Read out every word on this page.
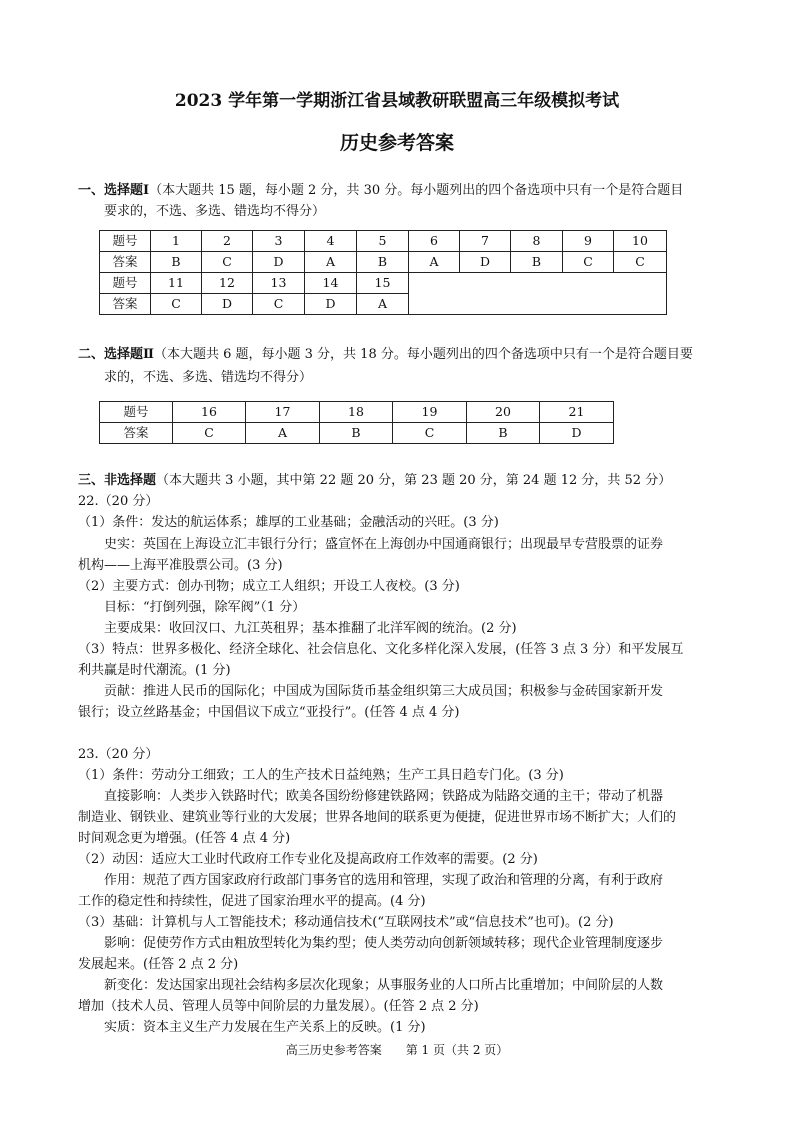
2023 学年第一学期浙江省县域教研联盟高三年级模拟考试
历史参考答案
一、选择题Ⅰ（本大题共 15 题，每小题 2 分，共 30 分。每小题列出的四个备选项中只有一个是符合题目
要求的，不选、多选、错选均不得分）
题号	1	2	3	4	5	6	7	8	9	10
答案	B	C	D	A	B	A	D	B	C	C
题号	11	12	13	14	15					
答案	C	D	C	D	A					
二、选择题Ⅱ（本大题共 6 题，每小题 3 分，共 18 分。每小题列出的四个备选项中只有一个是符合题目要
求的，不选、多选、错选均不得分）
题号	16	17	18	19	20	21
答案	C	A	B	C	B	D
三、非选择题（本大题共 3 小题，其中第 22 题 20 分，第 23 题 20 分，第 24 题 12 分，共 52 分）
22.（20 分）
（1）条件：发达的航运体系；雄厚的工业基础；金融活动的兴旺。(3 分)
史实：英国在上海设立汇丰银行分行；盛宣怀在上海创办中国通商银行；出现最早专营股票的证券
机构——上海平准股票公司。(3 分)
（2）主要方式：创办刊物；成立工人组织；开设工人夜校。(3 分)
目标：“打倒列强，除军阀”（1 分）
主要成果：收回汉口、九江英租界；基本推翻了北洋军阀的统治。(2 分)
（3）特点：世界多极化、经济全球化、社会信息化、文化多样化深入发展，(任答 3 点 3 分）和平发展互
利共赢是时代潮流。(1 分)
贡献：推进人民币的国际化；中国成为国际货币基金组织第三大成员国；积极参与金砖国家新开发
银行；设立丝路基金；中国倡议下成立“亚投行”。(任答 4 点 4 分)
23.（20 分）
（1）条件：劳动分工细致；工人的生产技术日益纯熟；生产工具日趋专门化。(3 分)
直接影响：人类步入铁路时代；欧美各国纷纷修建铁路网；铁路成为陆路交通的主干；带动了机器
制造业、钢铁业、建筑业等行业的大发展；世界各地间的联系更为便捷，促进世界市场不断扩大；人们的
时间观念更为增强。(任答 4 点 4 分)
（2）动因：适应大工业时代政府工作专业化及提高政府工作效率的需要。(2 分)
作用：规范了西方国家政府行政部门事务官的选用和管理，实现了政治和管理的分离，有利于政府
工作的稳定性和持续性，促进了国家治理水平的提高。(4 分)
（3）基础：计算机与人工智能技术；移动通信技术(“互联网技术”或“信息技术”也可)。(2 分)
影响：促使劳作方式由粗放型转化为集约型；使人类劳动向创新领域转移；现代企业管理制度逐步
发展起来。(任答 2 点 2 分)
新变化：发达国家出现社会结构多层次化现象；从事服务业的人口所占比重增加；中间阶层的人数
增加（技术人员、管理人员等中间阶层的力量发展）。(任答 2 点 2 分)
实质：资本主义生产力发展在生产关系上的反映。(1 分)
高三历史参考答案　　第 1 页（共 2 页）
